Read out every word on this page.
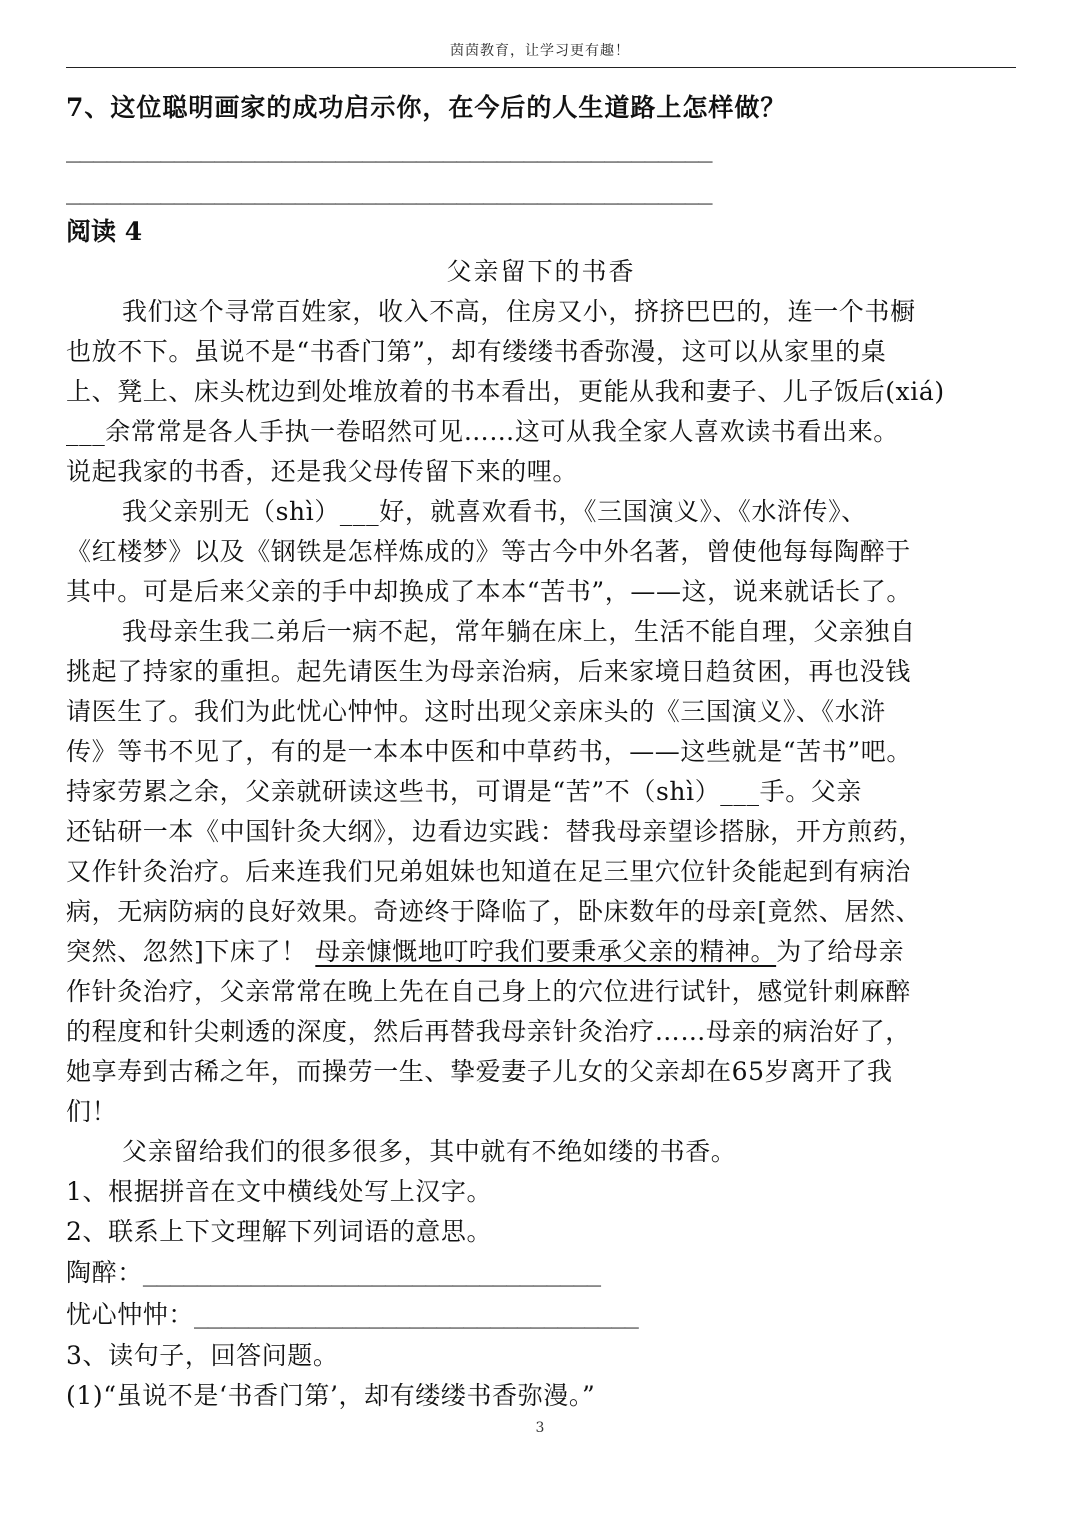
茵茵教育，让学习更有趣！

7、这位聪明画家的成功启示你，在今后的人生道路上怎样做？

________________________________________________

________________________________________________

阅读 4

父亲留下的书香

我们这个寻常百姓家，收入不高，住房又小，挤挤巴巴的，连一个书橱

也放不下。虽说不是“书香门第”，却有缕缕书香弥漫，这可以从家里的桌

上、凳上、床头枕边到处堆放着的书本看出，更能从我和妻子、儿子饭后(xiá)

___余常常是各人手执一卷昭然可见……这可从我全家人喜欢读书看出来。

说起我家的书香，还是我父母传留下来的哩。

我父亲别无（shì）___好，就喜欢看书，《三国演义》、《水浒传》、

《红楼梦》以及《钢铁是怎样炼成的》等古今中外名著，曾使他每每陶醉于

其中。可是后来父亲的手中却换成了本本“苦书”，——这，说来就话长了。

我母亲生我二弟后一病不起，常年躺在床上，生活不能自理，父亲独自

挑起了持家的重担。起先请医生为母亲治病，后来家境日趋贫困，再也没钱

请医生了。我们为此忧心忡忡。这时出现父亲床头的《三国演义》、《水浒

传》等书不见了，有的是一本本中医和中草药书，——这些就是“苦书”吧。

持家劳累之余，父亲就研读这些书，可谓是“苦”不（shì）___手。父亲

还钻研一本《中国针灸大纲》，边看边实践：替我母亲望诊搭脉，开方煎药，

又作针灸治疗。后来连我们兄弟姐妹也知道在足三里穴位针灸能起到有病治

病，无病防病的良好效果。奇迹终于降临了，卧床数年的母亲[竟然、居然、

突然、忽然]下床了！ 母亲慷慨地叮咛我们要秉承父亲的精神。为了给母亲

作针灸治疗，父亲常常在晚上先在自己身上的穴位进行试针，感觉针刺麻醉

的程度和针尖刺透的深度，然后再替我母亲针灸治疗……母亲的病治好了，

她享寿到古稀之年，而操劳一生、挚爱妻子儿女的父亲却在65岁离开了我

们！

父亲留给我们的很多很多，其中就有不绝如缕的书香。

1、根据拼音在文中横线处写上汉字。

2、联系上下文理解下列词语的意思。

陶醉：__________________________________

忧心忡忡：_________________________________

3、读句子，回答问题。

(1)“虽说不是‘书香门第’，却有缕缕书香弥漫。”

3
